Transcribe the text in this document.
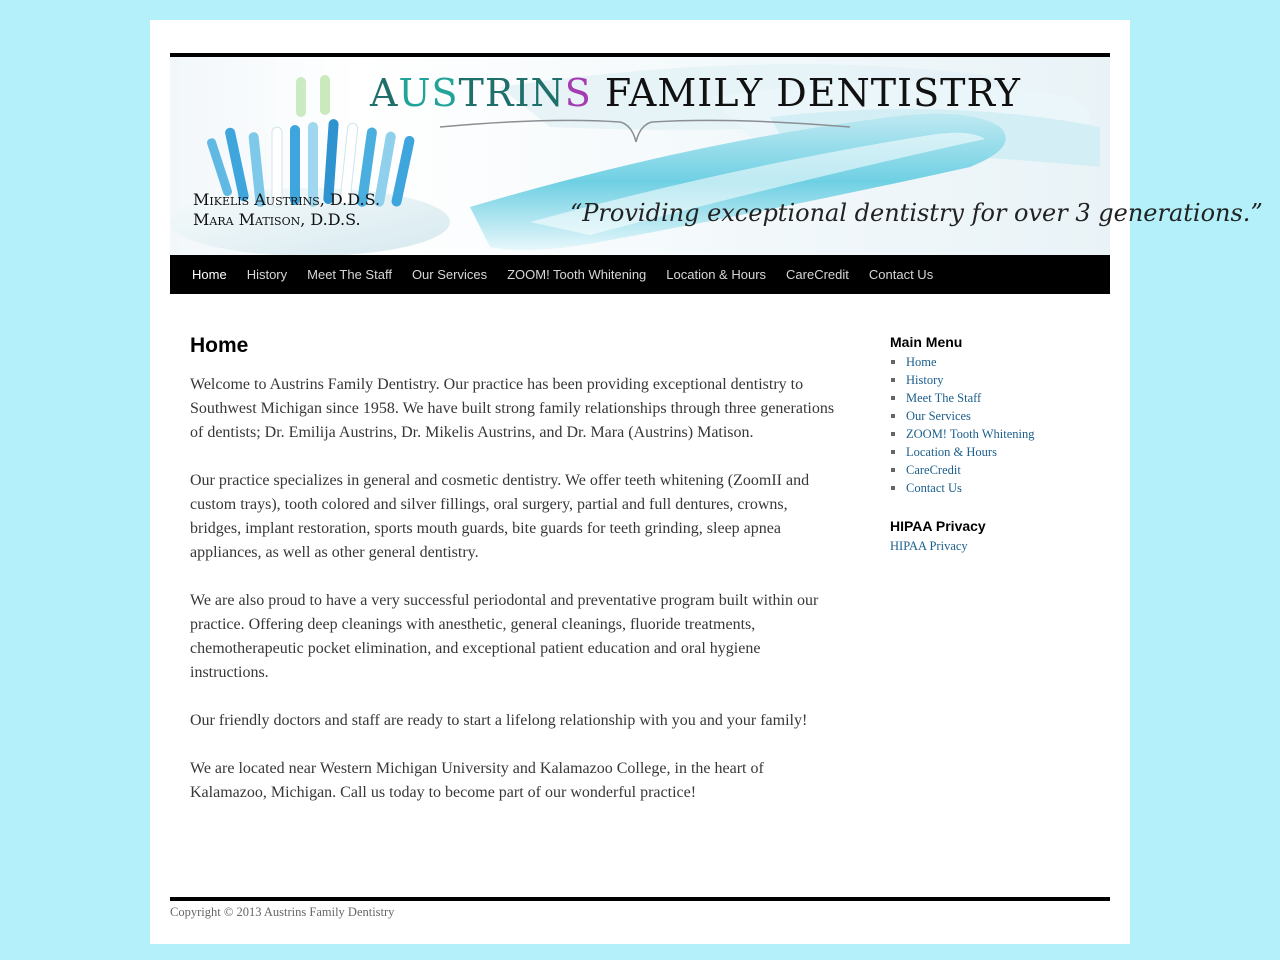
AUSTRINS FAMILY DENTISTRY
Mikelis Austrins, D.D.S.
Mara Matison, D.D.S.	“Providing exceptional dentistry for over 3 generations.”
Home	History	Meet The Staff	Our Services	ZOOM! Tooth Whitening	Location & Hours	CareCredit	Contact Us
Home

Welcome to Austrins Family Dentistry. Our practice has been providing exceptional dentistry to Southwest Michigan since 1958. We have built strong family relationships through three generations of dentists; Dr. Emilija Austrins, Dr. Mikelis Austrins, and Dr. Mara (Austrins) Matison.

Our practice specializes in general and cosmetic dentistry. We offer teeth whitening (ZoomII and custom trays), tooth colored and silver fillings, oral surgery, partial and full dentures, crowns, bridges, implant restoration, sports mouth guards, bite guards for teeth grinding, sleep apnea appliances, as well as other general dentistry.

We are also proud to have a very successful periodontal and preventative program built within our practice. Offering deep cleanings with anesthetic, general cleanings, fluoride treatments, chemotherapeutic pocket elimination, and exceptional patient education and oral hygiene instructions.

Our friendly doctors and staff are ready to start a lifelong relationship with you and your family!

We are located near Western Michigan University and Kalamazoo College, in the heart of Kalamazoo, Michigan. Call us today to become part of our wonderful practice!

Main Menu
Home
History
Meet The Staff
Our Services
ZOOM! Tooth Whitening
Location & Hours
CareCredit
Contact Us
HIPAA Privacy
HIPAA Privacy
Copyright © 2013 Austrins Family Dentistry
